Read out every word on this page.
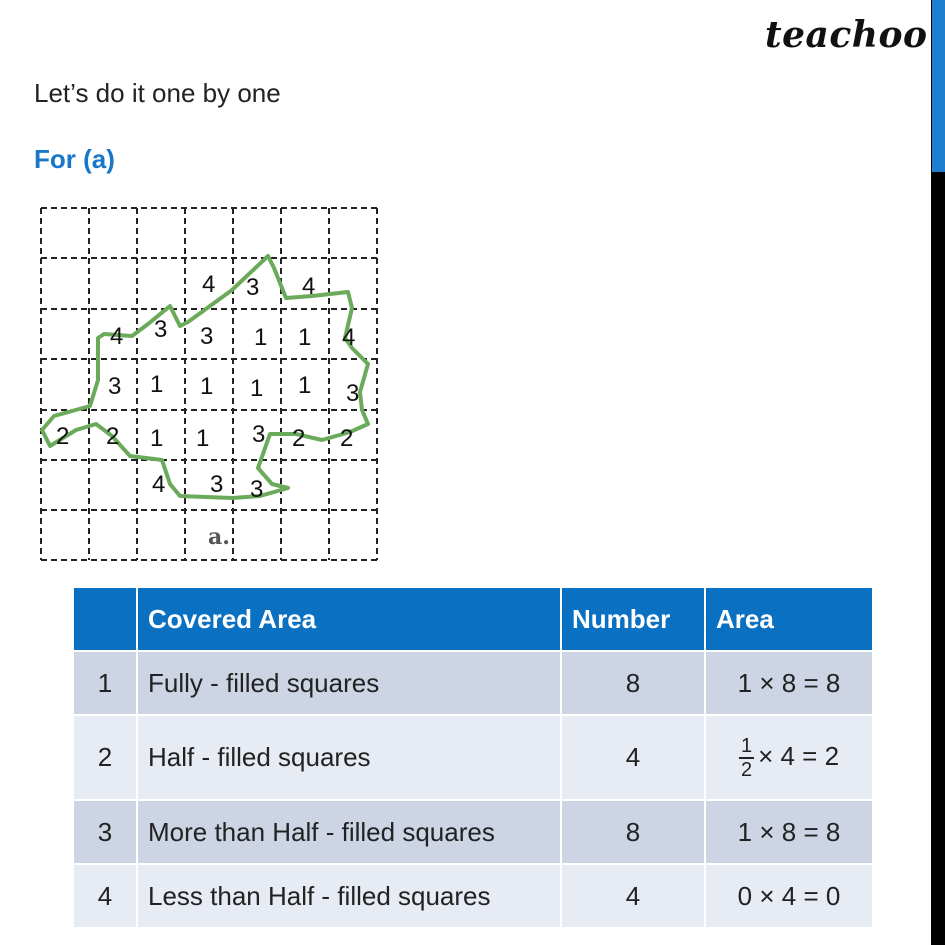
teachoo
Let’s do it one by one
For (a)
4 3 4
4 3 3 1 1 4
3 1 1 1 1 3
2 2 1 1 3 2 2
4 3 3
a.
	Covered Area	Number	Area
1	Fully - filled squares	8	1 × 8 = 8
2	Half - filled squares	4	$\frac{1}{2} \times 4 = 2$
3	More than Half - filled squares	8	1 × 8 = 8
4	Less than Half - filled squares	4	0 × 4 = 0
